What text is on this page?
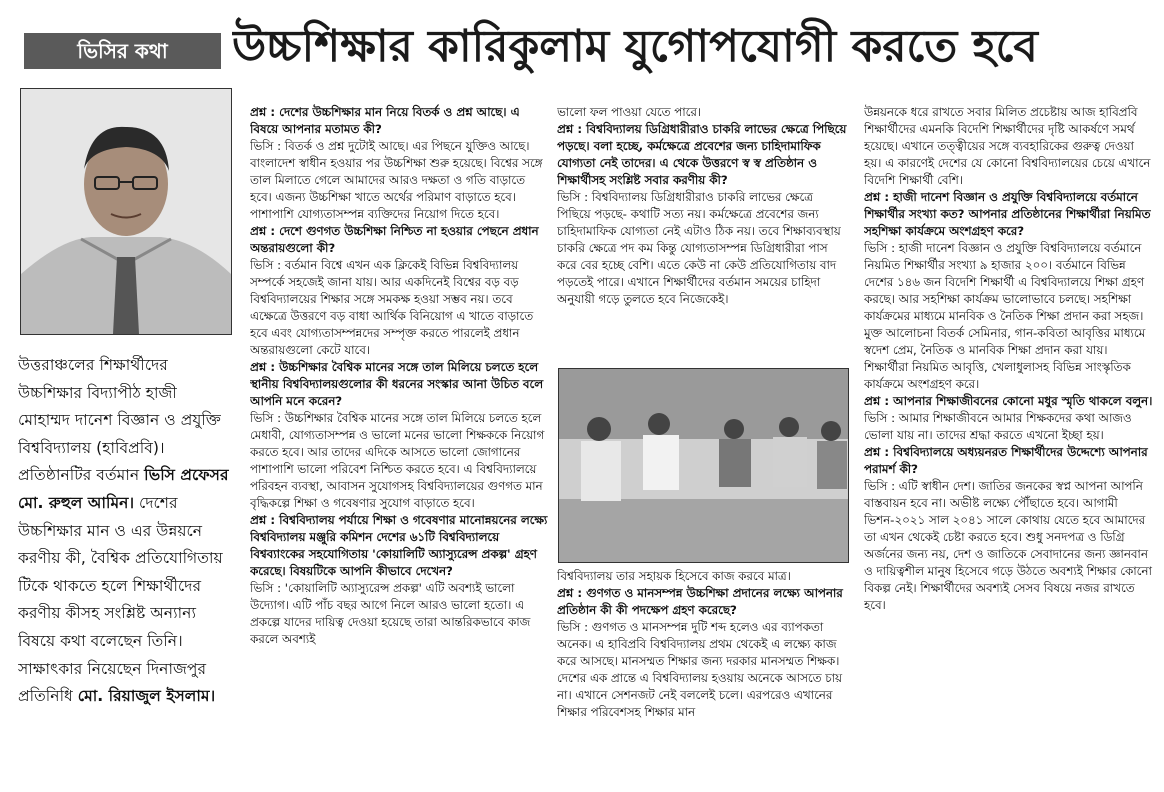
ভিসির কথা	উচ্চশিক্ষার কারিকুলাম যুগোপযোগী করতে হবে
উত্তরাঞ্চলের শিক্ষার্থীদের উচ্চশিক্ষার বিদ্যাপীঠ হাজী মোহাম্মদ দানেশ বিজ্ঞান ও প্রযুক্তি বিশ্ববিদ্যালয় (হাবিপ্রবি)। প্রতিষ্ঠানটির বর্তমান ভিসি প্রফেসর মো. রুহুল আমিন। দেশের উচ্চশিক্ষার মান ও এর উন্নয়নে করণীয় কী, বৈশ্বিক প্রতিযোগিতায় টিকে থাকতে হলে শিক্ষার্থীদের করণীয় কীসহ সংশ্লিষ্ট অন্যান্য বিষয়ে কথা বলেছেন তিনি। সাক্ষাৎকার নিয়েছেন দিনাজপুর প্রতিনিধি মো. রিয়াজুল ইসলাম।

প্রশ্ন : দেশের উচ্চশিক্ষার মান নিয়ে বিতর্ক ও প্রশ্ন আছে। এ বিষয়ে আপনার মতামত কী?

ভিসি : বিতর্ক ও প্রশ্ন দুটোই আছে। এর পিছনে যুক্তিও আছে। বাংলাদেশ স্বাধীন হওয়ার পর উচ্চশিক্ষা শুরু হয়েছে। বিশ্বের সঙ্গে তাল মিলাতে গেলে আমাদের আরও দক্ষতা ও গতি বাড়াতে হবে। এজন্য উচ্চশিক্ষা খাতে অর্থের পরিমাণ বাড়াতে হবে। পাশাপাশি যোগ্যতাসম্পন্ন ব্যক্তিদের নিয়োগ দিতে হবে।

প্রশ্ন : দেশে গুণগত উচ্চশিক্ষা নিশ্চিত না হওয়ার পেছনে প্রধান অন্তরায়গুলো কী?

ভিসি : বর্তমান বিশ্বে এখন এক ক্লিকেই বিভিন্ন বিশ্ববিদ্যালয় সম্পর্কে সহজেই জানা যায়। আর একদিনেই বিশ্বের বড় বড় বিশ্ববিদ্যালয়ের শিক্ষার সঙ্গে সমকক্ষ হওয়া সম্ভব নয়। তবে এক্ষেত্রে উত্তরণে বড় বাধা আর্থিক বিনিয়োগ এ খাতে বাড়াতে হবে এবং যোগ্যতাসম্পন্নদের সম্পৃক্ত করতে পারলেই প্রধান অন্তরায়গুলো কেটে যাবে।

প্রশ্ন : উচ্চশিক্ষার বৈশ্বিক মানের সঙ্গে তাল মিলিয়ে চলতে হলে স্থানীয় বিশ্ববিদ্যালয়গুলোর কী ধরনের সংস্কার আনা উচিত বলে আপনি মনে করেন?

ভিসি : উচ্চশিক্ষার বৈশ্বিক মানের সঙ্গে তাল মিলিয়ে চলতে হলে মেধাবী, যোগ্যতাসম্পন্ন ও ভালো মনের ভালো শিক্ষককে নিয়োগ করতে হবে। আর তাদের এদিকে আসতে ভালো জোগানের পাশাপাশি ভালো পরিবেশ নিশ্চিত করতে হবে। এ বিশ্ববিদ্যালয়ে পরিবহন ব্যবস্থা, আবাসন সুযোগসহ বিশ্ববিদ্যালয়ের গুণগত মান বৃদ্ধিকল্পে শিক্ষা ও গবেষণার সুযোগ বাড়াতে হবে।

প্রশ্ন : বিশ্ববিদ্যালয় পর্যায়ে শিক্ষা ও গবেষণার মানোন্নয়নের লক্ষ্যে বিশ্ববিদ্যালয় মঞ্জুরি কমিশন দেশের ৬১টি বিশ্ববিদ্যালয়ে বিশ্বব্যাংকের সহযোগিতায় 'কোয়ালিটি অ্যাস্যুরেন্স প্রকল্প' গ্রহণ করেছে। বিষয়টিকে আপনি কীভাবে দেখেন?

ভিসি : 'কোয়ালিটি অ্যাস্যুরেন্স প্রকল্প' এটি অবশ্যই ভালো উদ্যোগ। এটি পাঁচ বছর আগে নিলে আরও ভালো হতো। এ প্রকল্পে যাদের দায়িত্ব দেওয়া হয়েছে তারা আন্তরিকভাবে কাজ করলে অবশ্যই

ভালো ফল পাওয়া যেতে পারে।

প্রশ্ন : বিশ্ববিদ্যালয় ডিগ্রিধারীরাও চাকরি লাভের ক্ষেত্রে পিছিয়ে পড়ছে। বলা হচ্ছে, কর্মক্ষেত্রে প্রবেশের জন্য চাহিদামাফিক যোগ্যতা নেই তাদের। এ থেকে উত্তরণে স্ব স্ব প্রতিষ্ঠান ও শিক্ষার্থীসহ সংশ্লিষ্ট সবার করণীয় কী?

ভিসি : বিশ্ববিদ্যালয় ডিগ্রিধারীরাও চাকরি লাভের ক্ষেত্রে পিছিয়ে পড়ছে- কথাটি সত্য নয়। কর্মক্ষেত্রে প্রবেশের জন্য চাহিদামাফিক যোগ্যতা নেই এটাও ঠিক নয়। তবে শিক্ষাব্যবস্থায় চাকরি ক্ষেত্রে পদ কম কিন্তু যোগ্যতাসম্পন্ন ডিগ্রিধারীরা পাস করে বের হচ্ছে বেশি। এতে কেউ না কেউ প্রতিযোগিতায় বাদ পড়তেই পারে। এখানে শিক্ষার্থীদের বর্তমান সময়ের চাহিদা অনুযায়ী গড়ে তুলতে হবে নিজেকেই।

বিশ্ববিদ্যালয় তার সহায়ক হিসেবে কাজ করবে মাত্র।

প্রশ্ন : গুণগত ও মানসম্পন্ন উচ্চশিক্ষা প্রদানের লক্ষ্যে আপনার প্রতিষ্ঠান কী কী পদক্ষেপ গ্রহণ করেছে?

ভিসি : গুণগত ও মানসম্পন্ন দুটি শব্দ হলেও এর ব্যাপকতা অনেক। এ হাবিপ্রবি বিশ্ববিদ্যালয় প্রথম থেকেই এ লক্ষ্যে কাজ করে আসছে। মানসম্মত শিক্ষার জন্য দরকার মানসম্মত শিক্ষক। দেশের এক প্রান্তে এ বিশ্ববিদ্যালয় হওয়ায় অনেকে আসতে চায় না। এখানে সেশনজট নেই বললেই চলে। এরপরেও এখানের শিক্ষার পরিবেশসহ শিক্ষার মান

উন্নয়নকে ধরে রাখতে সবার মিলিত প্রচেষ্টায় আজ হাবিপ্রবি শিক্ষার্থীদের এমনকি বিদেশি শিক্ষার্থীদের দৃষ্টি আকর্ষণে সমর্থ হয়েছে। এখানে তত্ত্বীয়ের সঙ্গে ব্যবহারিকের গুরুত্ব দেওয়া হয়। এ কারণেই দেশের যে কোনো বিশ্ববিদ্যালয়ের চেয়ে এখানে বিদেশি শিক্ষার্থী বেশি।

প্রশ্ন : হাজী দানেশ বিজ্ঞান ও প্রযুক্তি বিশ্ববিদ্যালয়ে বর্তমানে শিক্ষার্থীর সংখ্যা কত? আপনার প্রতিষ্ঠানের শিক্ষার্থীরা নিয়মিত সহশিক্ষা কার্যক্রমে অংশগ্রহণ করে?

ভিসি : হাজী দানেশ বিজ্ঞান ও প্রযুক্তি বিশ্ববিদ্যালয়ে বর্তমানে নিয়মিত শিক্ষার্থীর সংখ্যা ৯ হাজার ২০০। বর্তমানে বিভিন্ন দেশের ১৪৬ জন বিদেশি শিক্ষার্থী এ বিশ্ববিদ্যালয়ে শিক্ষা গ্রহণ করছে। আর সহশিক্ষা কার্যক্রম ভালোভাবে চলছে। সহশিক্ষা কার্যক্রমের মাধ্যমে মানবিক ও নৈতিক শিক্ষা প্রদান করা সহজ। মুক্ত আলোচনা বিতর্ক সেমিনার, গান-কবিতা আবৃত্তির মাধ্যমে স্বদেশ প্রেম, নৈতিক ও মানবিক শিক্ষা প্রদান করা যায়। শিক্ষার্থীরা নিয়মিত আবৃত্তি, খেলাধুলাসহ বিভিন্ন সাংস্কৃতিক কার্যক্রমে অংশগ্রহণ করে।

প্রশ্ন : আপনার শিক্ষাজীবনের কোনো মধুর স্মৃতি থাকলে বলুন।

ভিসি : আমার শিক্ষাজীবনে আমার শিক্ষকদের কথা আজও ভোলা যায় না। তাদের শ্রদ্ধা করতে এখনো ইচ্ছা হয়।

প্রশ্ন : বিশ্ববিদ্যালয়ে অধ্যয়নরত শিক্ষার্থীদের উদ্দেশ্যে আপনার পরামর্শ কী?

ভিসি : এটি স্বাধীন দেশ। জাতির জনকের স্বপ্ন আপনা আপনি বাস্তবায়ন হবে না। অভীষ্ট লক্ষ্যে পৌঁছাতে হবে। আগামী ভিশন-২০২১ সাল ২০৪১ সালে কোথায় যেতে হবে আমাদের তা এখন থেকেই চেষ্টা করতে হবে। শুধু সনদপত্র ও ডিগ্রি অর্জনের জন্য নয়, দেশ ও জাতিকে সেবাদানের জন্য জ্ঞানবান ও দায়িত্বশীল মানুষ হিসেবে গড়ে উঠতে অবশ্যই শিক্ষার কোনো বিকল্প নেই। শিক্ষার্থীদের অবশ্যই সেসব বিষয়ে নজর রাখতে হবে।
